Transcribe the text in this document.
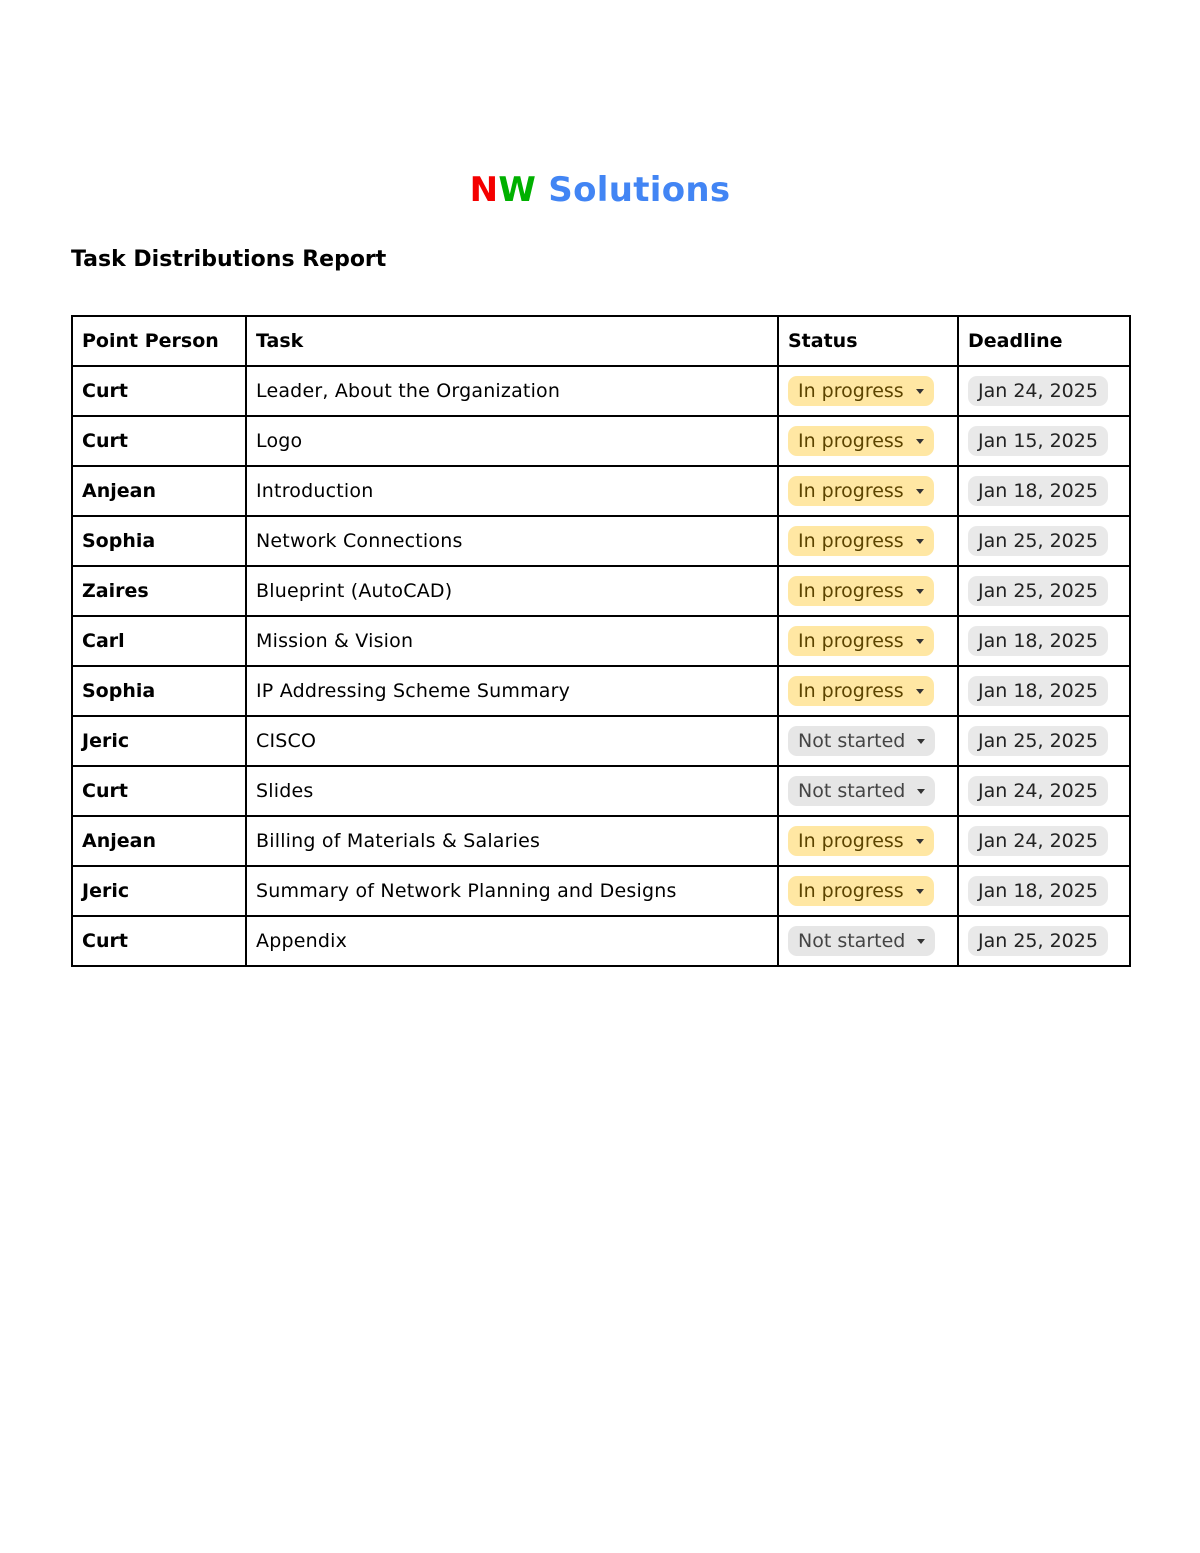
NW Solutions
Task Distributions Report
Point Person	Task	Status	Deadline
Curt	Leader, About the Organization	In progress	Jan 24, 2025
Curt	Logo	In progress	Jan 15, 2025
Anjean	Introduction	In progress	Jan 18, 2025
Sophia	Network Connections	In progress	Jan 25, 2025
Zaires	Blueprint (AutoCAD)	In progress	Jan 25, 2025
Carl	Mission & Vision	In progress	Jan 18, 2025
Sophia	IP Addressing Scheme Summary	In progress	Jan 18, 2025
Jeric	CISCO	Not started	Jan 25, 2025
Curt	Slides	Not started	Jan 24, 2025
Anjean	Billing of Materials & Salaries	In progress	Jan 24, 2025
Jeric	Summary of Network Planning and Designs	In progress	Jan 18, 2025
Curt	Appendix	Not started	Jan 25, 2025
